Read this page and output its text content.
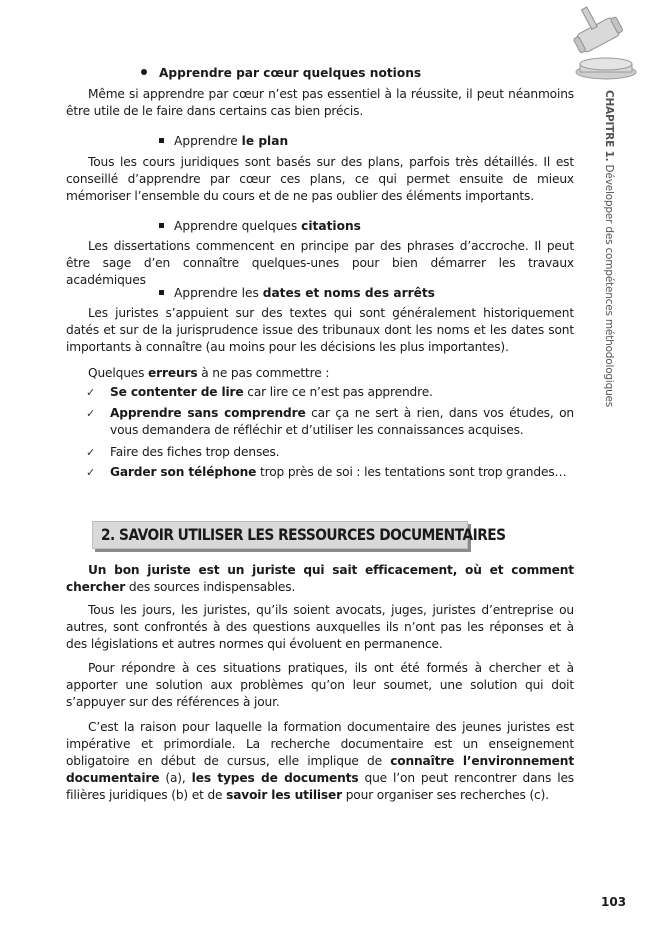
Apprendre par cœur quelques notions

Même si apprendre par cœur n’est pas essentiel à la réussite, il peut néanmoins être utile de le faire dans certains cas bien précis.

Apprendre le plan

Tous les cours juridiques sont basés sur des plans, parfois très détaillés. Il est conseillé d’apprendre par cœur ces plans, ce qui permet ensuite de mieux mémoriser l’ensemble du cours et de ne pas oublier des éléments importants.

Apprendre quelques citations

Les dissertations commencent en principe par des phrases d’accroche. Il peut être sage d’en connaître quelques-unes pour bien démarrer les travaux académiques

Apprendre les dates et noms des arrêts

Les juristes s’appuient sur des textes qui sont généralement historiquement datés et sur de la jurisprudence issue des tribunaux dont les noms et les dates sont importants à connaître (au moins pour les décisions les plus importantes).

Quelques erreurs à ne pas commettre :

✓	Se contenter de lire car lire ce n’est pas apprendre.
✓	Apprendre sans comprendre car ça ne sert à rien, dans vos études, on vous demandera de réfléchir et d’utiliser les connaissances acquises.
✓	Faire des fiches trop denses.
✓	Garder son téléphone trop près de soi : les tentations sont trop grandes…

Un bon juriste est un juriste qui sait efficacement, où et comment chercher des sources indispensables.

Tous les jours, les juristes, qu’ils soient avocats, juges, juristes d’entreprise ou autres, sont confrontés à des questions auxquelles ils n’ont pas les réponses et à des législations et autres normes qui évoluent en permanence.

Pour répondre à ces situations pratiques, ils ont été formés à chercher et à apporter une solution aux problèmes qu’on leur soumet, une solution qui doit s’appuyer sur des références à jour.

C’est la raison pour laquelle la formation documentaire des jeunes juristes est impérative et primordiale. La recherche documentaire est un enseignement obligatoire en début de cursus, elle implique de connaître l’environnement documentaire (a), les types de documents que l’on peut rencontrer dans les filières juridiques (b) et de savoir les utiliser pour organiser ses recherches (c).

2. SAVOIR UTILISER LES RESSOURCES DOCUMENTAIRES
CHAPITRE 1. Développer des compétences méthodologiques
103
